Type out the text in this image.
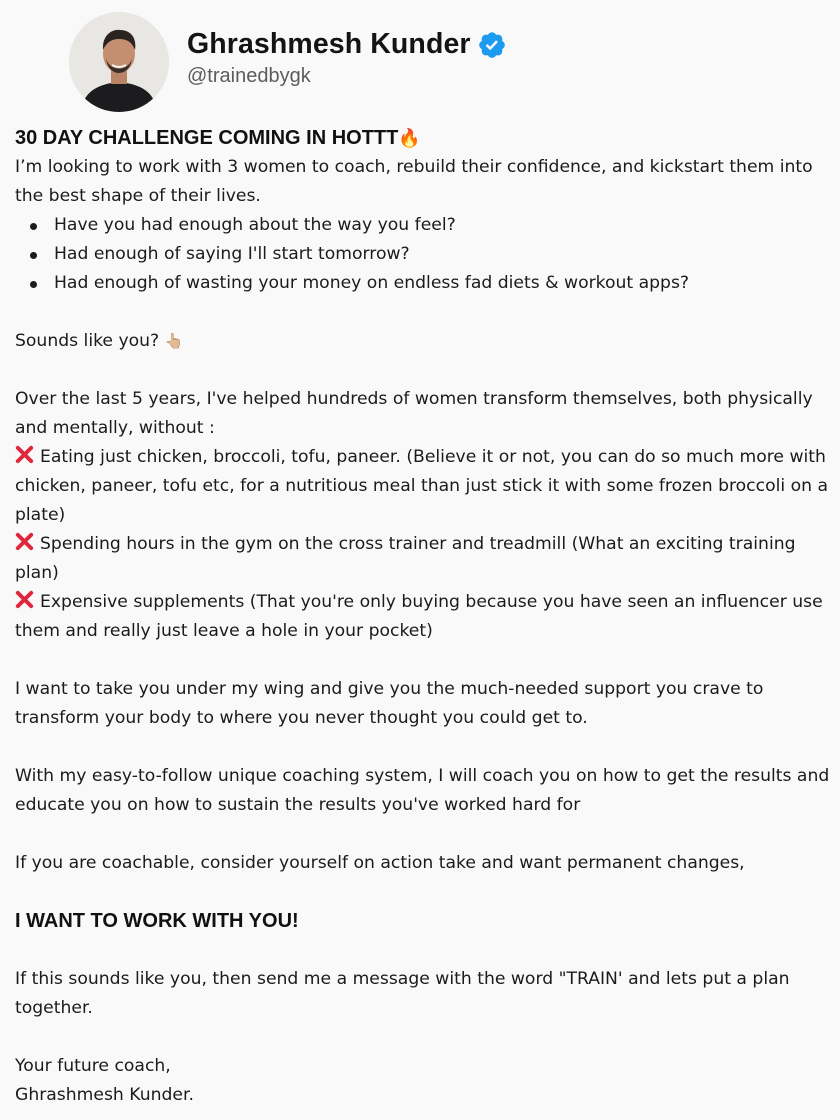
Ghrashmesh Kunder
@trainedbygk

30 DAY CHALLENGE COMING IN HOTTT🔥

I’m looking to work with 3 women to coach, rebuild their confidence, and kickstart them into the best shape of their lives.

Have you had enough about the way you feel?
Had enough of saying I'll start tomorrow?
Had enough of wasting your money on endless fad diets & workout apps?

Sounds like you? 👆🏼

Over the last 5 years, I've helped hundreds of women transform themselves, both physically and mentally, without :

Eating just chicken, broccoli, tofu, paneer. (Believe it or not, you can do so much more with chicken, paneer, tofu etc, for a nutritious meal than just stick it with some frozen broccoli on a plate)

Spending hours in the gym on the cross trainer and treadmill (What an exciting training plan)

Expensive supplements (That you're only buying because you have seen an influencer use them and really just leave a hole in your pocket)

I want to take you under my wing and give you the much-needed support you crave to transform your body to where you never thought you could get to.

With my easy-to-follow unique coaching system, I will coach you on how to get the results and educate you on how to sustain the results you've worked hard for

If you are coachable, consider yourself on action take and want permanent changes,

I WANT TO WORK WITH YOU!

If this sounds like you, then send me a message with the word "TRAIN' and lets put a plan together.

Your future coach,

Ghrashmesh Kunder.
